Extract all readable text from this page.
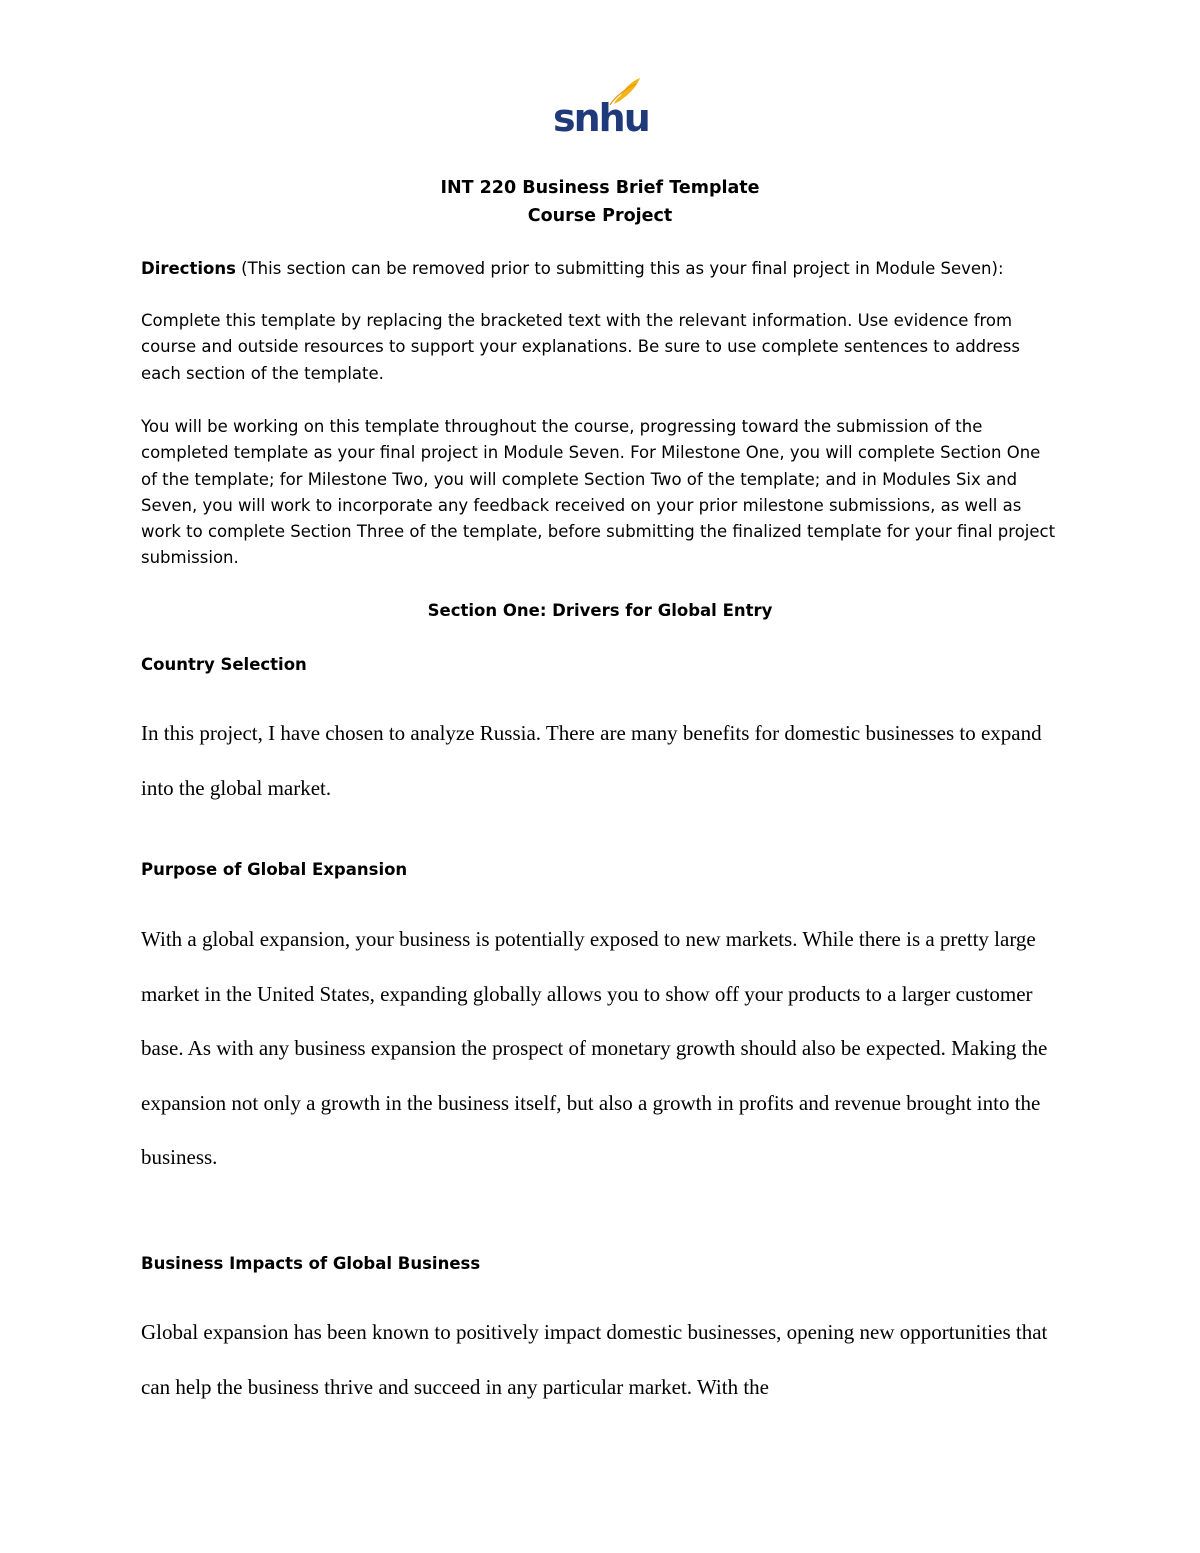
snhu
INT 220 Business Brief Template
Course Project
Directions (This section can be removed prior to submitting this as your final project in Module Seven):

Complete this template by replacing the bracketed text with the relevant information. Use evidence from course and outside resources to support your explanations. Be sure to use complete sentences to address each section of the template.

You will be working on this template throughout the course, progressing toward the submission of the completed template as your final project in Module Seven. For Milestone One, you will complete Section One of the template; for Milestone Two, you will complete Section Two of the template; and in Modules Six and Seven, you will work to incorporate any feedback received on your prior milestone submissions, as well as work to complete Section Three of the template, before submitting the finalized template for your final project submission.

Section One: Drivers for Global Entry
Country Selection

In this project, I have chosen to analyze Russia. There are many benefits for domestic businesses to expand into the global market.

Purpose of Global Expansion

With a global expansion, your business is potentially exposed to new markets. While there is a pretty large market in the United States, expanding globally allows you to show off your products to a larger customer base. As with any business expansion the prospect of monetary growth should also be expected. Making the expansion not only a growth in the business itself, but also a growth in profits and revenue brought into the business.

Business Impacts of Global Business

Global expansion has been known to positively impact domestic businesses, opening new opportunities that can help the business thrive and succeed in any particular market. With the
